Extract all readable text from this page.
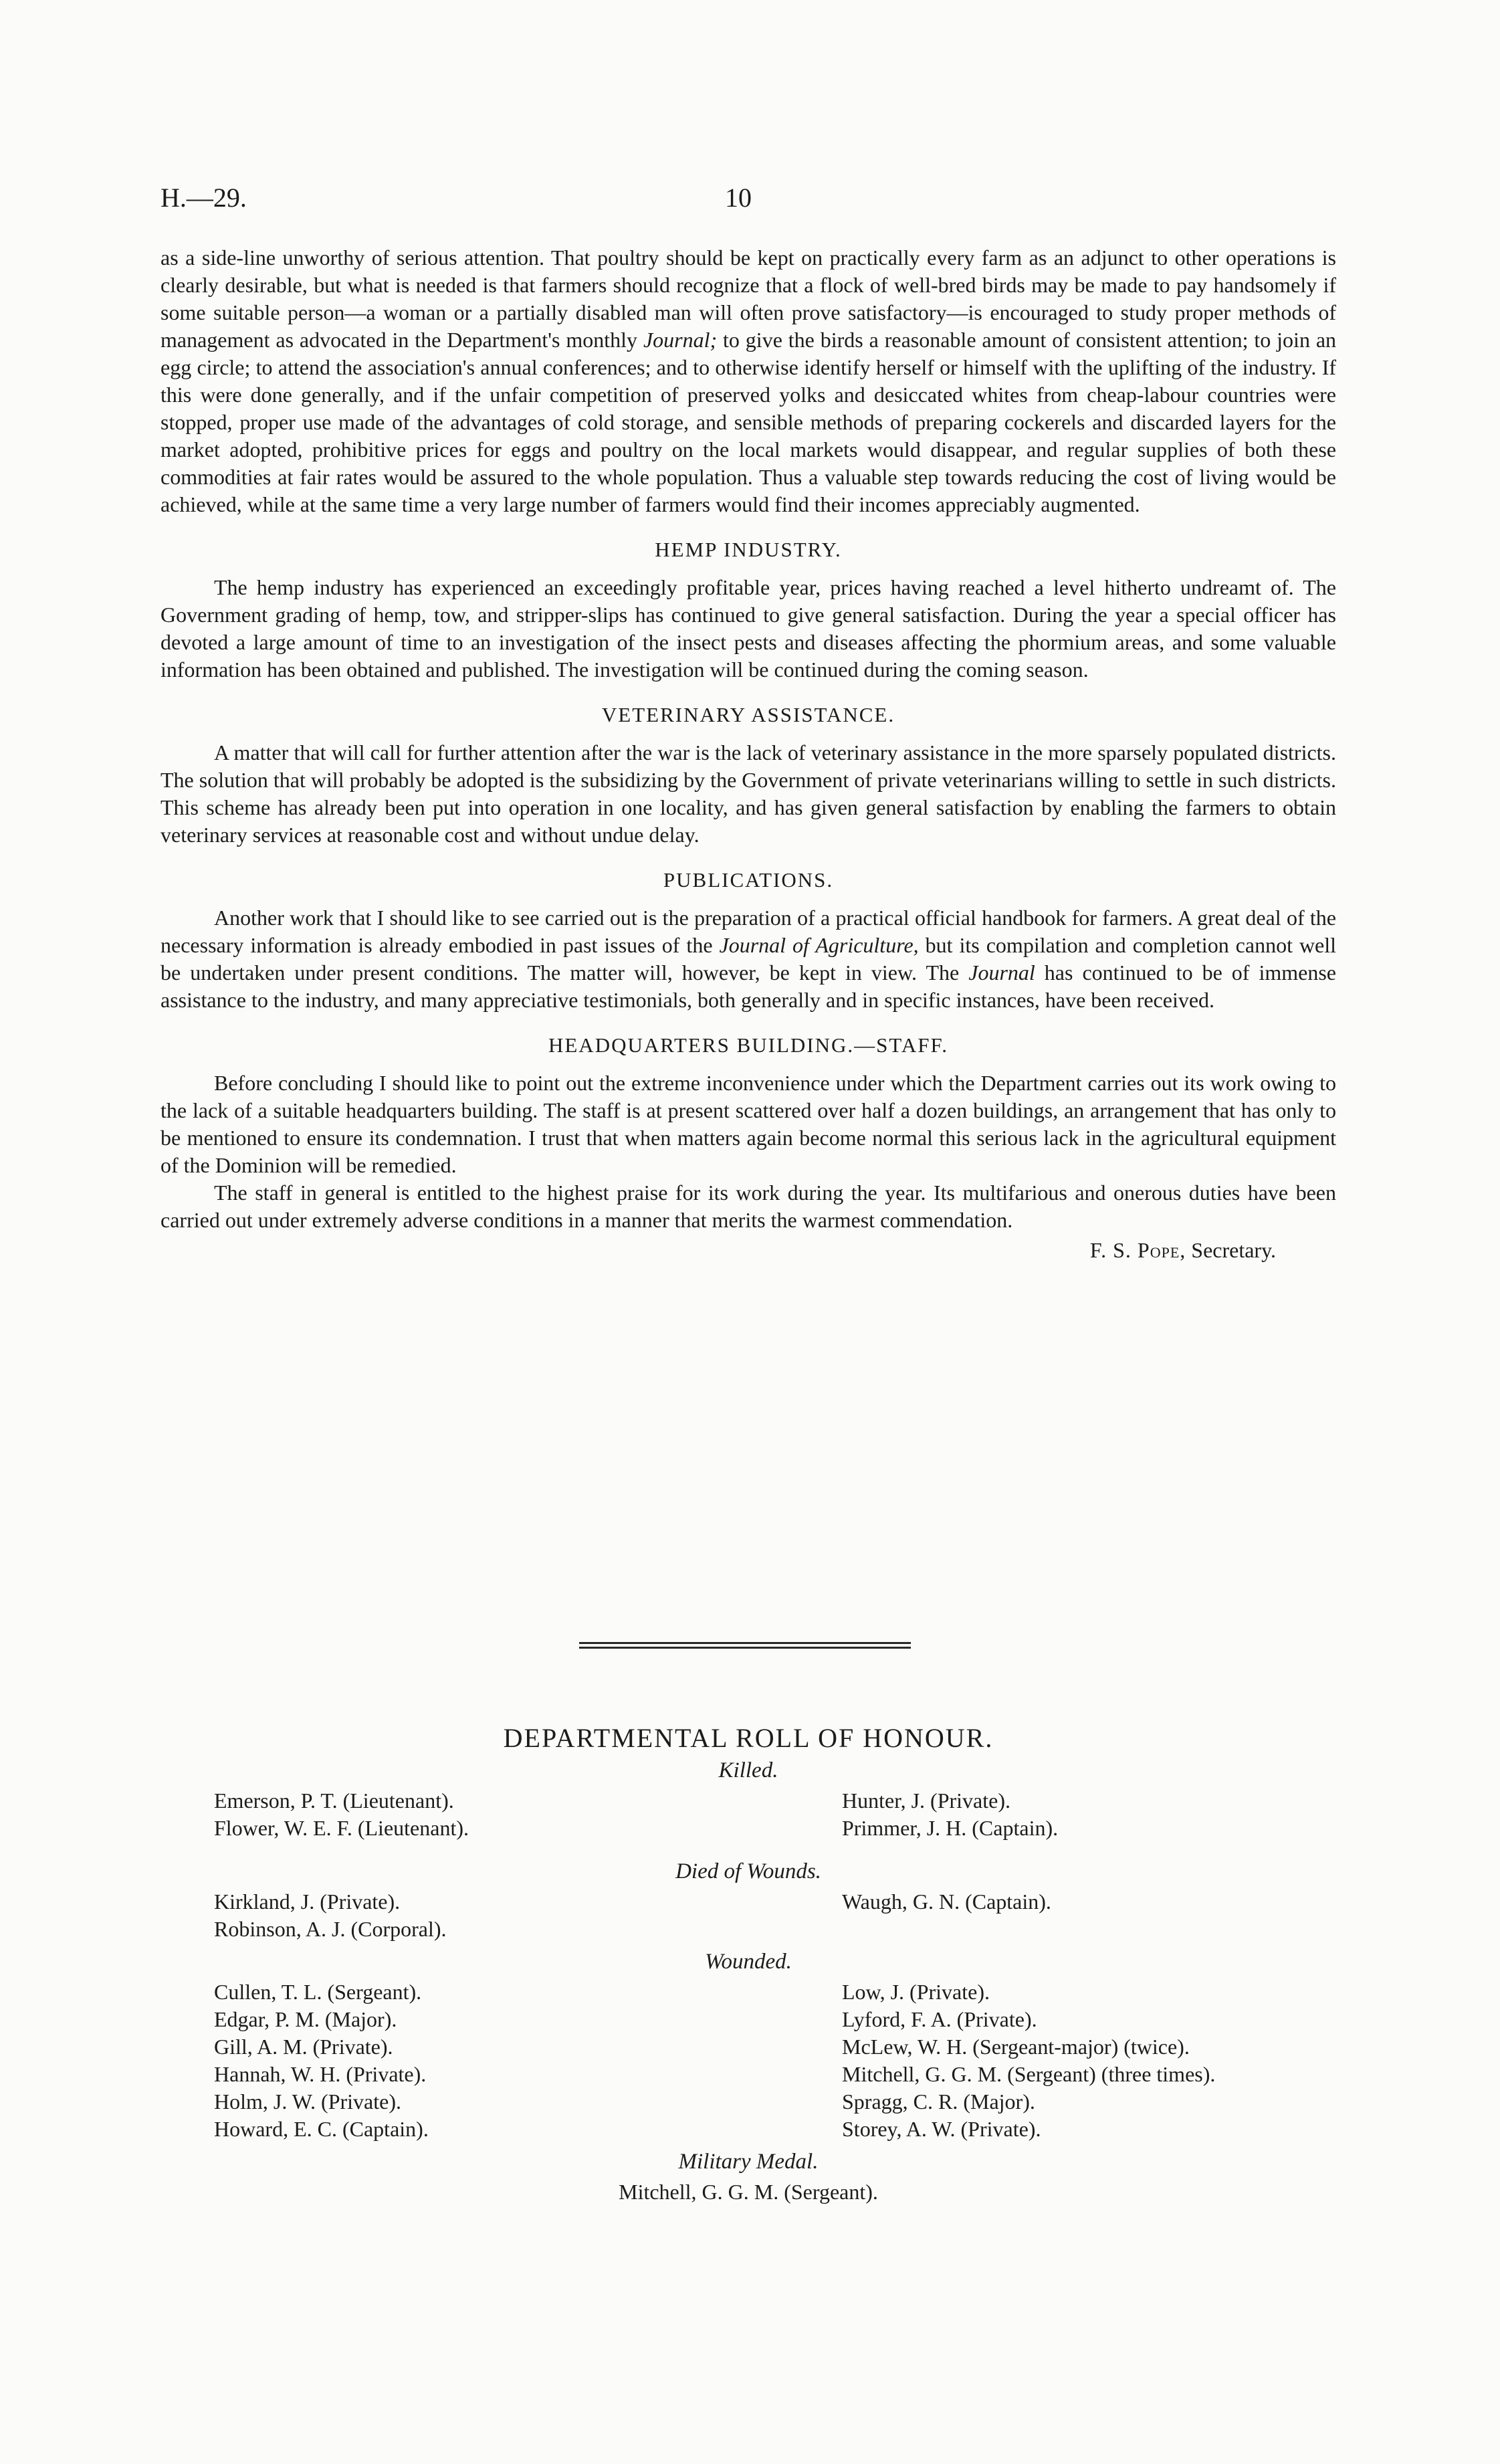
H.—29.	10

as a side-line unworthy of serious attention. That poultry should be kept on practically every farm as an adjunct to other operations is clearly desirable, but what is needed is that farmers should recognize that a flock of well-bred birds may be made to pay handsomely if some suitable person—a woman or a partially disabled man will often prove satisfactory—is encouraged to study proper methods of management as advocated in the Department's monthly Journal; to give the birds a reasonable amount of consistent attention; to join an egg circle; to attend the association's annual conferences; and to otherwise identify herself or himself with the uplifting of the industry. If this were done generally, and if the unfair competition of preserved yolks and desiccated whites from cheap-labour countries were stopped, proper use made of the advantages of cold storage, and sensible methods of preparing cockerels and discarded layers for the market adopted, prohibitive prices for eggs and poultry on the local markets would disappear, and regular supplies of both these commodities at fair rates would be assured to the whole population. Thus a valuable step towards reducing the cost of living would be achieved, while at the same time a very large number of farmers would find their incomes appreciably augmented.

HEMP INDUSTRY.

The hemp industry has experienced an exceedingly profitable year, prices having reached a level hitherto undreamt of. The Government grading of hemp, tow, and stripper-slips has continued to give general satisfaction. During the year a special officer has devoted a large amount of time to an investigation of the insect pests and diseases affecting the phormium areas, and some valuable information has been obtained and published. The investigation will be continued during the coming season.

VETERINARY ASSISTANCE.

A matter that will call for further attention after the war is the lack of veterinary assistance in the more sparsely populated districts. The solution that will probably be adopted is the subsidizing by the Government of private veterinarians willing to settle in such districts. This scheme has already been put into operation in one locality, and has given general satisfaction by enabling the farmers to obtain veterinary services at reasonable cost and without undue delay.

PUBLICATIONS.

Another work that I should like to see carried out is the preparation of a practical official handbook for farmers. A great deal of the necessary information is already embodied in past issues of the Journal of Agriculture, but its compilation and completion cannot well be undertaken under present conditions. The matter will, however, be kept in view. The Journal has continued to be of immense assistance to the industry, and many appreciative testimonials, both generally and in specific instances, have been received.

HEADQUARTERS BUILDING.—STAFF.

Before concluding I should like to point out the extreme inconvenience under which the Department carries out its work owing to the lack of a suitable headquarters building. The staff is at present scattered over half a dozen buildings, an arrangement that has only to be mentioned to ensure its condemnation. I trust that when matters again become normal this serious lack in the agricultural equipment of the Dominion will be remedied.

The staff in general is entitled to the highest praise for its work during the year. Its multifarious and onerous duties have been carried out under extremely adverse conditions in a manner that merits the warmest commendation.

F. S. Pope, Secretary.
DEPARTMENTAL ROLL OF HONOUR.
Killed.
Emerson, P. T. (Lieutenant).
Flower, W. E. F. (Lieutenant).
Hunter, J. (Private).
Primmer, J. H. (Captain).
Died of Wounds.
Kirkland, J. (Private).
Robinson, A. J. (Corporal).
Waugh, G. N. (Captain).
Wounded.
Cullen, T. L. (Sergeant).
Edgar, P. M. (Major).
Gill, A. M. (Private).
Hannah, W. H. (Private).
Holm, J. W. (Private).
Howard, E. C. (Captain).
Low, J. (Private).
Lyford, F. A. (Private).
McLew, W. H. (Sergeant-major) (twice).
Mitchell, G. G. M. (Sergeant) (three times).
Spragg, C. R. (Major).
Storey, A. W. (Private).
Military Medal.
Mitchell, G. G. M. (Sergeant).
